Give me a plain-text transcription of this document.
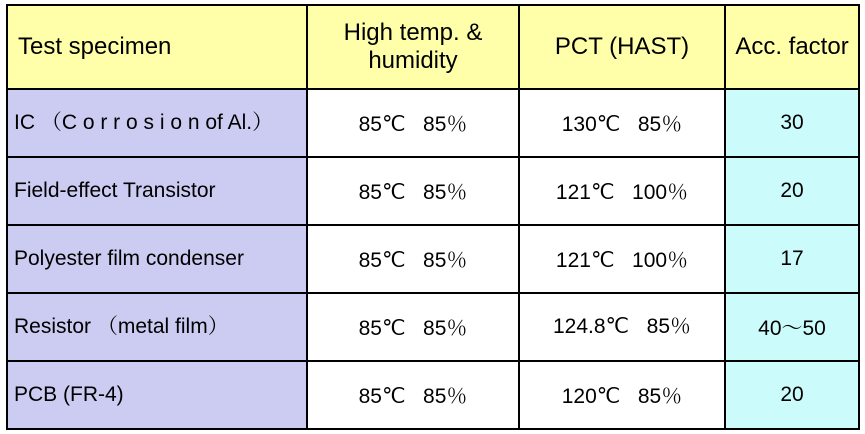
Test specimen	High temp. & humidity	PCT (HAST)	Acc. factor
IC （C o r r o s i o n of Al.）	85℃   85％	130℃   85％	30
Field-effect Transistor	85℃   85％	121℃   100％	20
Polyester film condenser	85℃   85％	121℃   100％	17
Resistor （metal film）	85℃   85％	124.8℃   85％	40～50
PCB (FR-4)	85℃   85％	120℃   85％	20
